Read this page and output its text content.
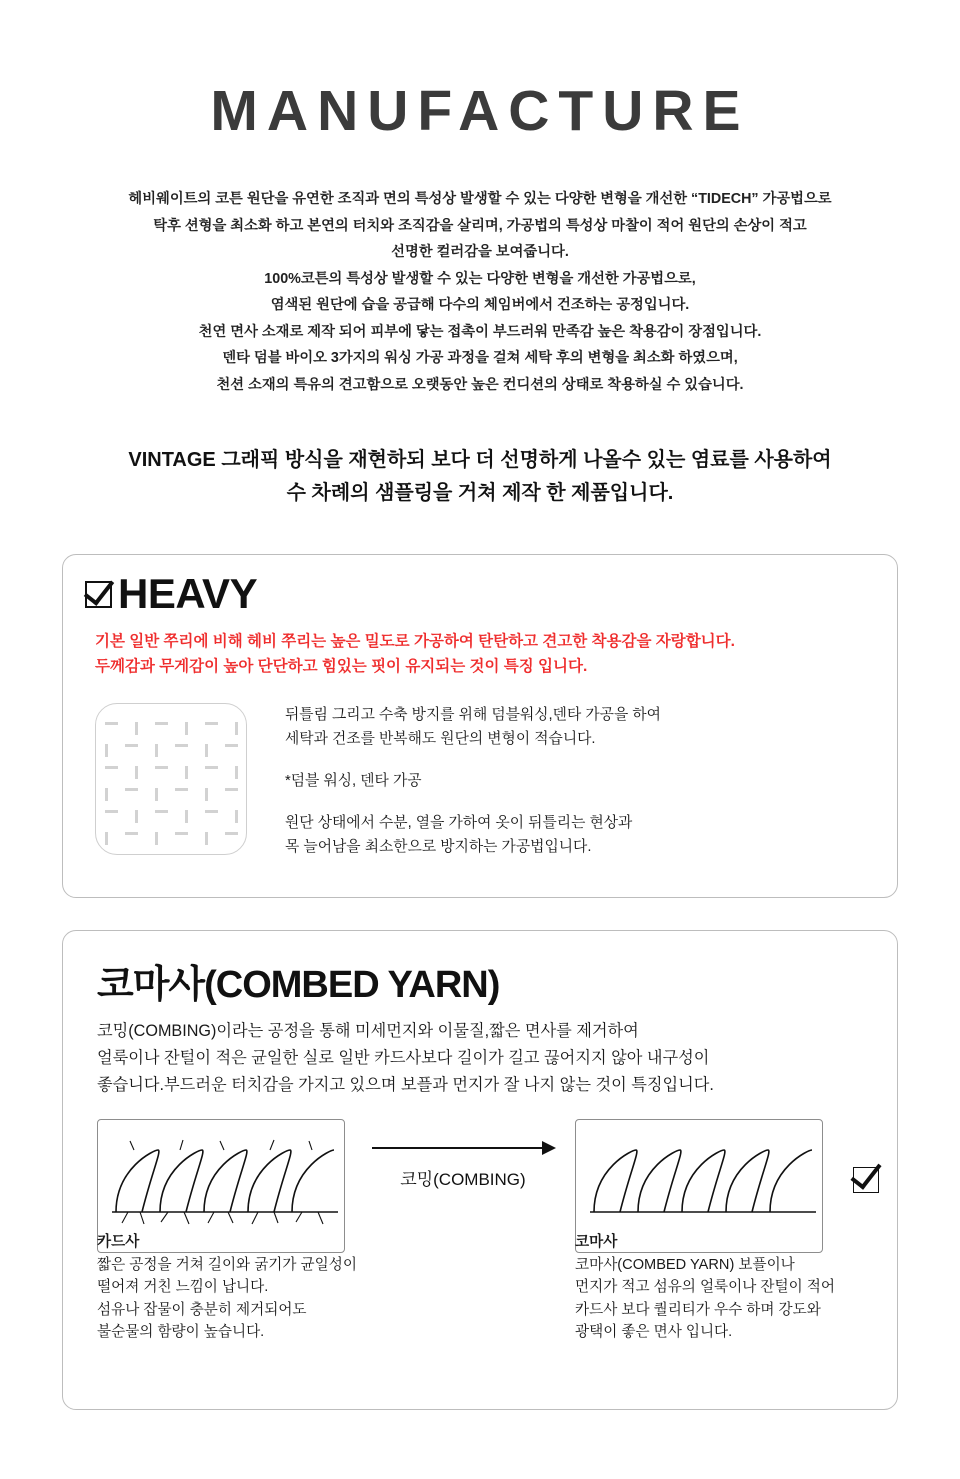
MANUFACTURE

헤비웨이트의 코튼 원단을 유연한 조직과 면의 특성상 발생할 수 있는 다양한 변형을 개선한 “TIDECH” 가공법으로

탁후 션형을 최소화 하고 본연의 터치와 조직감을 살리며, 가공법의 특성상 마찰이 적어 원단의 손상이 적고

선명한 컬러감을 보여줍니다.

100%코튼의 특성상 발생할 수 있는 다양한 변형을 개선한 가공법으로,

염색된 원단에 습을 공급해 다수의 체임버에서 건조하는 공정입니다.

천연 면사 소재로 제작 되어 피부에 닿는 접촉이 부드러워 만족감 높은 착용감이 장점입니다.

덴타 덤블 바이오 3가지의 워싱 가공 과정을 걸쳐 세탁 후의 변형을 최소화 하였으며,

천션 소재의 특유의 견고함으로 오랫동안 높은 컨디션의 상태로 착용하실 수 있습니다.

VINTAGE 그래픽 방식을 재현하되 보다 더 선명하게 나올수 있는 염료를 사용하여
수 차례의 샘플링을 거쳐 제작 한 제품입니다.
HEAVY
기본 일반 쭈리에 비해 헤비 쭈리는 높은 밀도로 가공하여 탄탄하고 견고한 착용감을 자랑합니다.
두께감과 무게감이 높아 단단하고 힘있는 핏이 유지되는 것이 특징 입니다.
뒤틀림 그리고 수축 방지를 위해 덤블워싱,덴타 가공을 하여
세탁과 건조를 반복해도 원단의 변형이 적습니다.
*덤블 워싱, 덴타 가공
원단 상태에서 수분, 열을 가하여 옷이 뒤틀리는 현상과
목 늘어남을 최소한으로 방지하는 가공법입니다.
코마사(COMBED YARN)
코밍(COMBING)이라는 공정을 통해 미세먼지와 이물질,짧은 면사를 제거하여
얼룩이나 잔털이 적은 균일한 실로 일반 카드사보다 길이가 길고 끊어지지 않아 내구성이
좋습니다.부드러운 터치감을 가지고 있으며 보플과 먼지가 잘 나지 않는 것이 특징입니다.
코밍(COMBING)
카드사
짧은 공정을 거쳐 길이와 굵기가 균일성이
떨어져 거친 느낌이 납니다.
섬유나 잡물이 충분히 제거되어도
불순물의 함량이 높습니다.
코마사
코마사(COMBED YARN) 보플이나
먼지가 적고 섬유의 얼룩이나 잔털이 적어
카드사 보다 퀄리티가 우수 하며 강도와
광택이 좋은 면사 입니다.
